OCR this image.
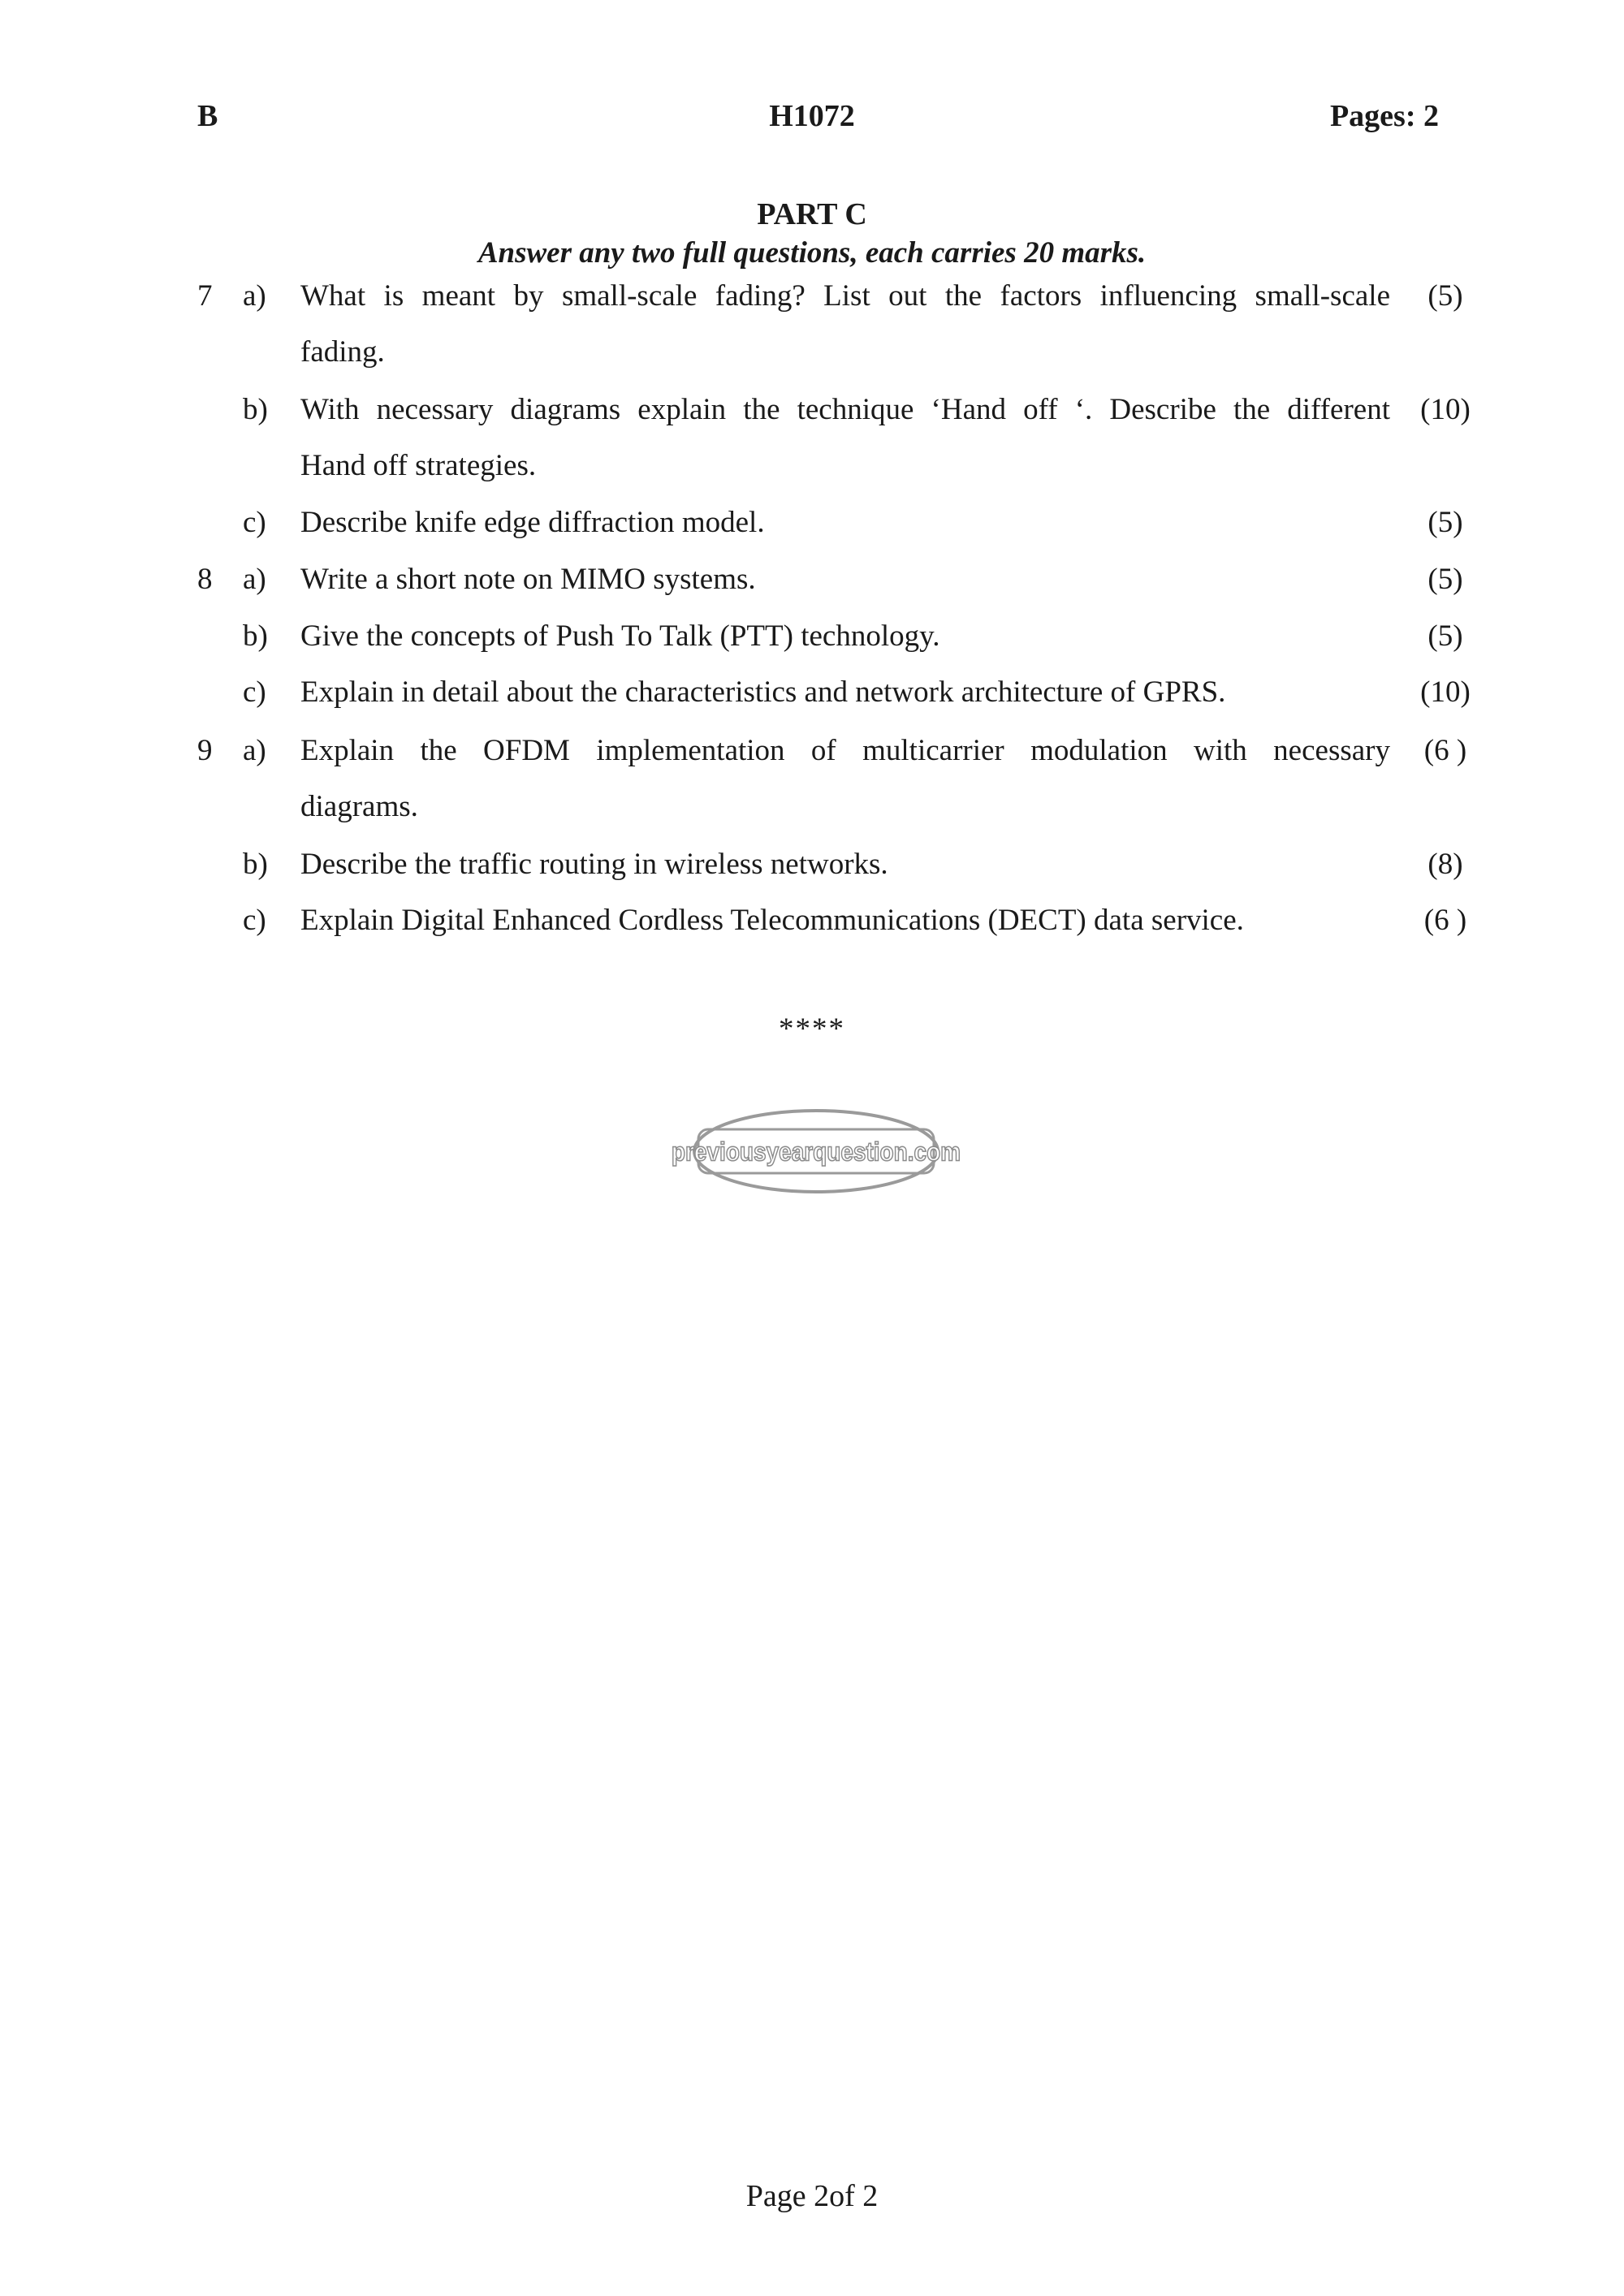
B	H1072	Pages: 2
PART C
Answer any two full questions, each carries 20 marks.
7 a) What is meant by small-scale fading? List out the factors influencing small-scale	(5)
fading.
b) With necessary diagrams explain the technique ‘Hand off ‘. Describe the different (10)
Hand off strategies.
c) Describe knife edge diffraction model.	(5)
8 a) Write a short note on MIMO systems.	(5)
b) Give the concepts of Push To Talk (PTT) technology.	(5)
c) Explain in detail about the characteristics and network architecture of GPRS.	(10)
9 a) Explain the OFDM implementation of multicarrier modulation with necessary	(6 )
diagrams.
b) Describe the traffic routing in wireless networks.	(8)
c) Explain Digital Enhanced Cordless Telecommunications (DECT) data service.	(6 )
****
previousyearquestion.com
Page 2of 2
